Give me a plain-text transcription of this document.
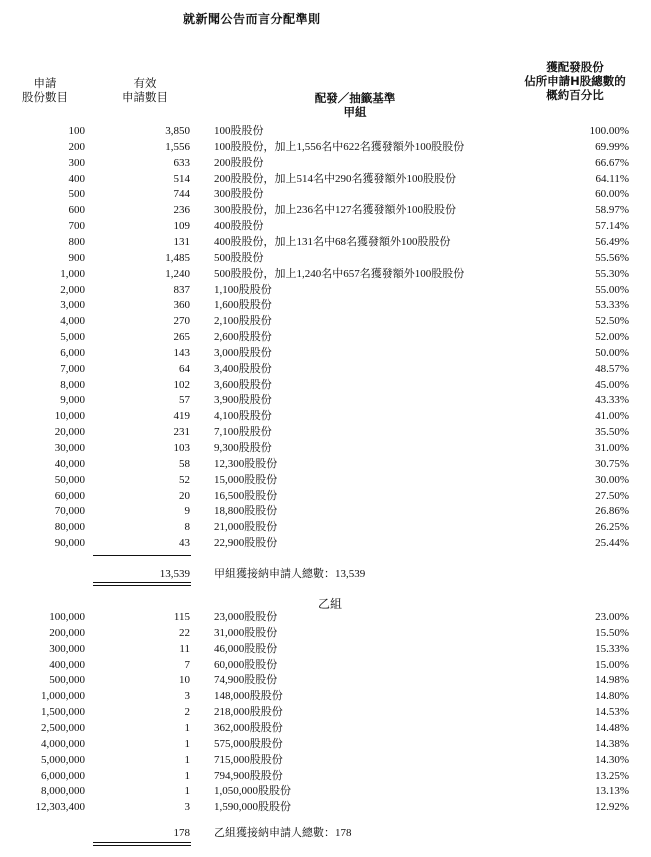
就新聞公告而言分配準則
申請
股份數目
有效
申請數目	配發／抽籤基準
甲組
獲配發股份
佔所申請H股總數的
概約百分比
100	3,850 100股股份	100.00%
200	1,556 100股股份，加上1,556名中622名獲發額外100股股份	69.99%
300	633 200股股份	66.67%
400	514 200股股份，加上514名中290名獲發額外100股股份	64.11%
500	744 300股股份	60.00%
600	236 300股股份，加上236名中127名獲發額外100股股份	58.97%
700	109 400股股份	57.14%
800	131 400股股份，加上131名中68名獲發額外100股股份	56.49%
900	1,485 500股股份	55.56%
1,000	1,240 500股股份，加上1,240名中657名獲發額外100股股份	55.30%
2,000	837 1,100股股份	55.00%
3,000	360 1,600股股份	53.33%
4,000	270 2,100股股份	52.50%
5,000	265 2,600股股份	52.00%
6,000	143 3,000股股份	50.00%
7,000	64 3,400股股份	48.57%
8,000	102 3,600股股份	45.00%
9,000	57 3,900股股份	43.33%
10,000	419 4,100股股份	41.00%
20,000	231 7,100股股份	35.50%
30,000	103 9,300股股份	31.00%
40,000	58 12,300股股份	30.75%
50,000	52 15,000股股份	30.00%
60,000	20 16,500股股份	27.50%
70,000	9 18,800股股份	26.86%
80,000	8 21,000股股份	26.25%
90,000	43 22,900股股份	25.44%
13,539 甲組獲接納申請人總數：13,539
乙組
100,000	115 23,000股股份	23.00%
200,000	22 31,000股股份	15.50%
300,000	11 46,000股股份	15.33%
400,000	7 60,000股股份	15.00%
500,000	10 74,900股股份	14.98%
1,000,000	3 148,000股股份	14.80%
1,500,000	2 218,000股股份	14.53%
2,500,000	1 362,000股股份	14.48%
4,000,000	1 575,000股股份	14.38%
5,000,000	1 715,000股股份	14.30%
6,000,000	1 794,900股股份	13.25%
8,000,000	1 1,050,000股股份	13.13%
12,303,400	3 1,590,000股股份	12.92%
178 乙組獲接納申請人總數：178
